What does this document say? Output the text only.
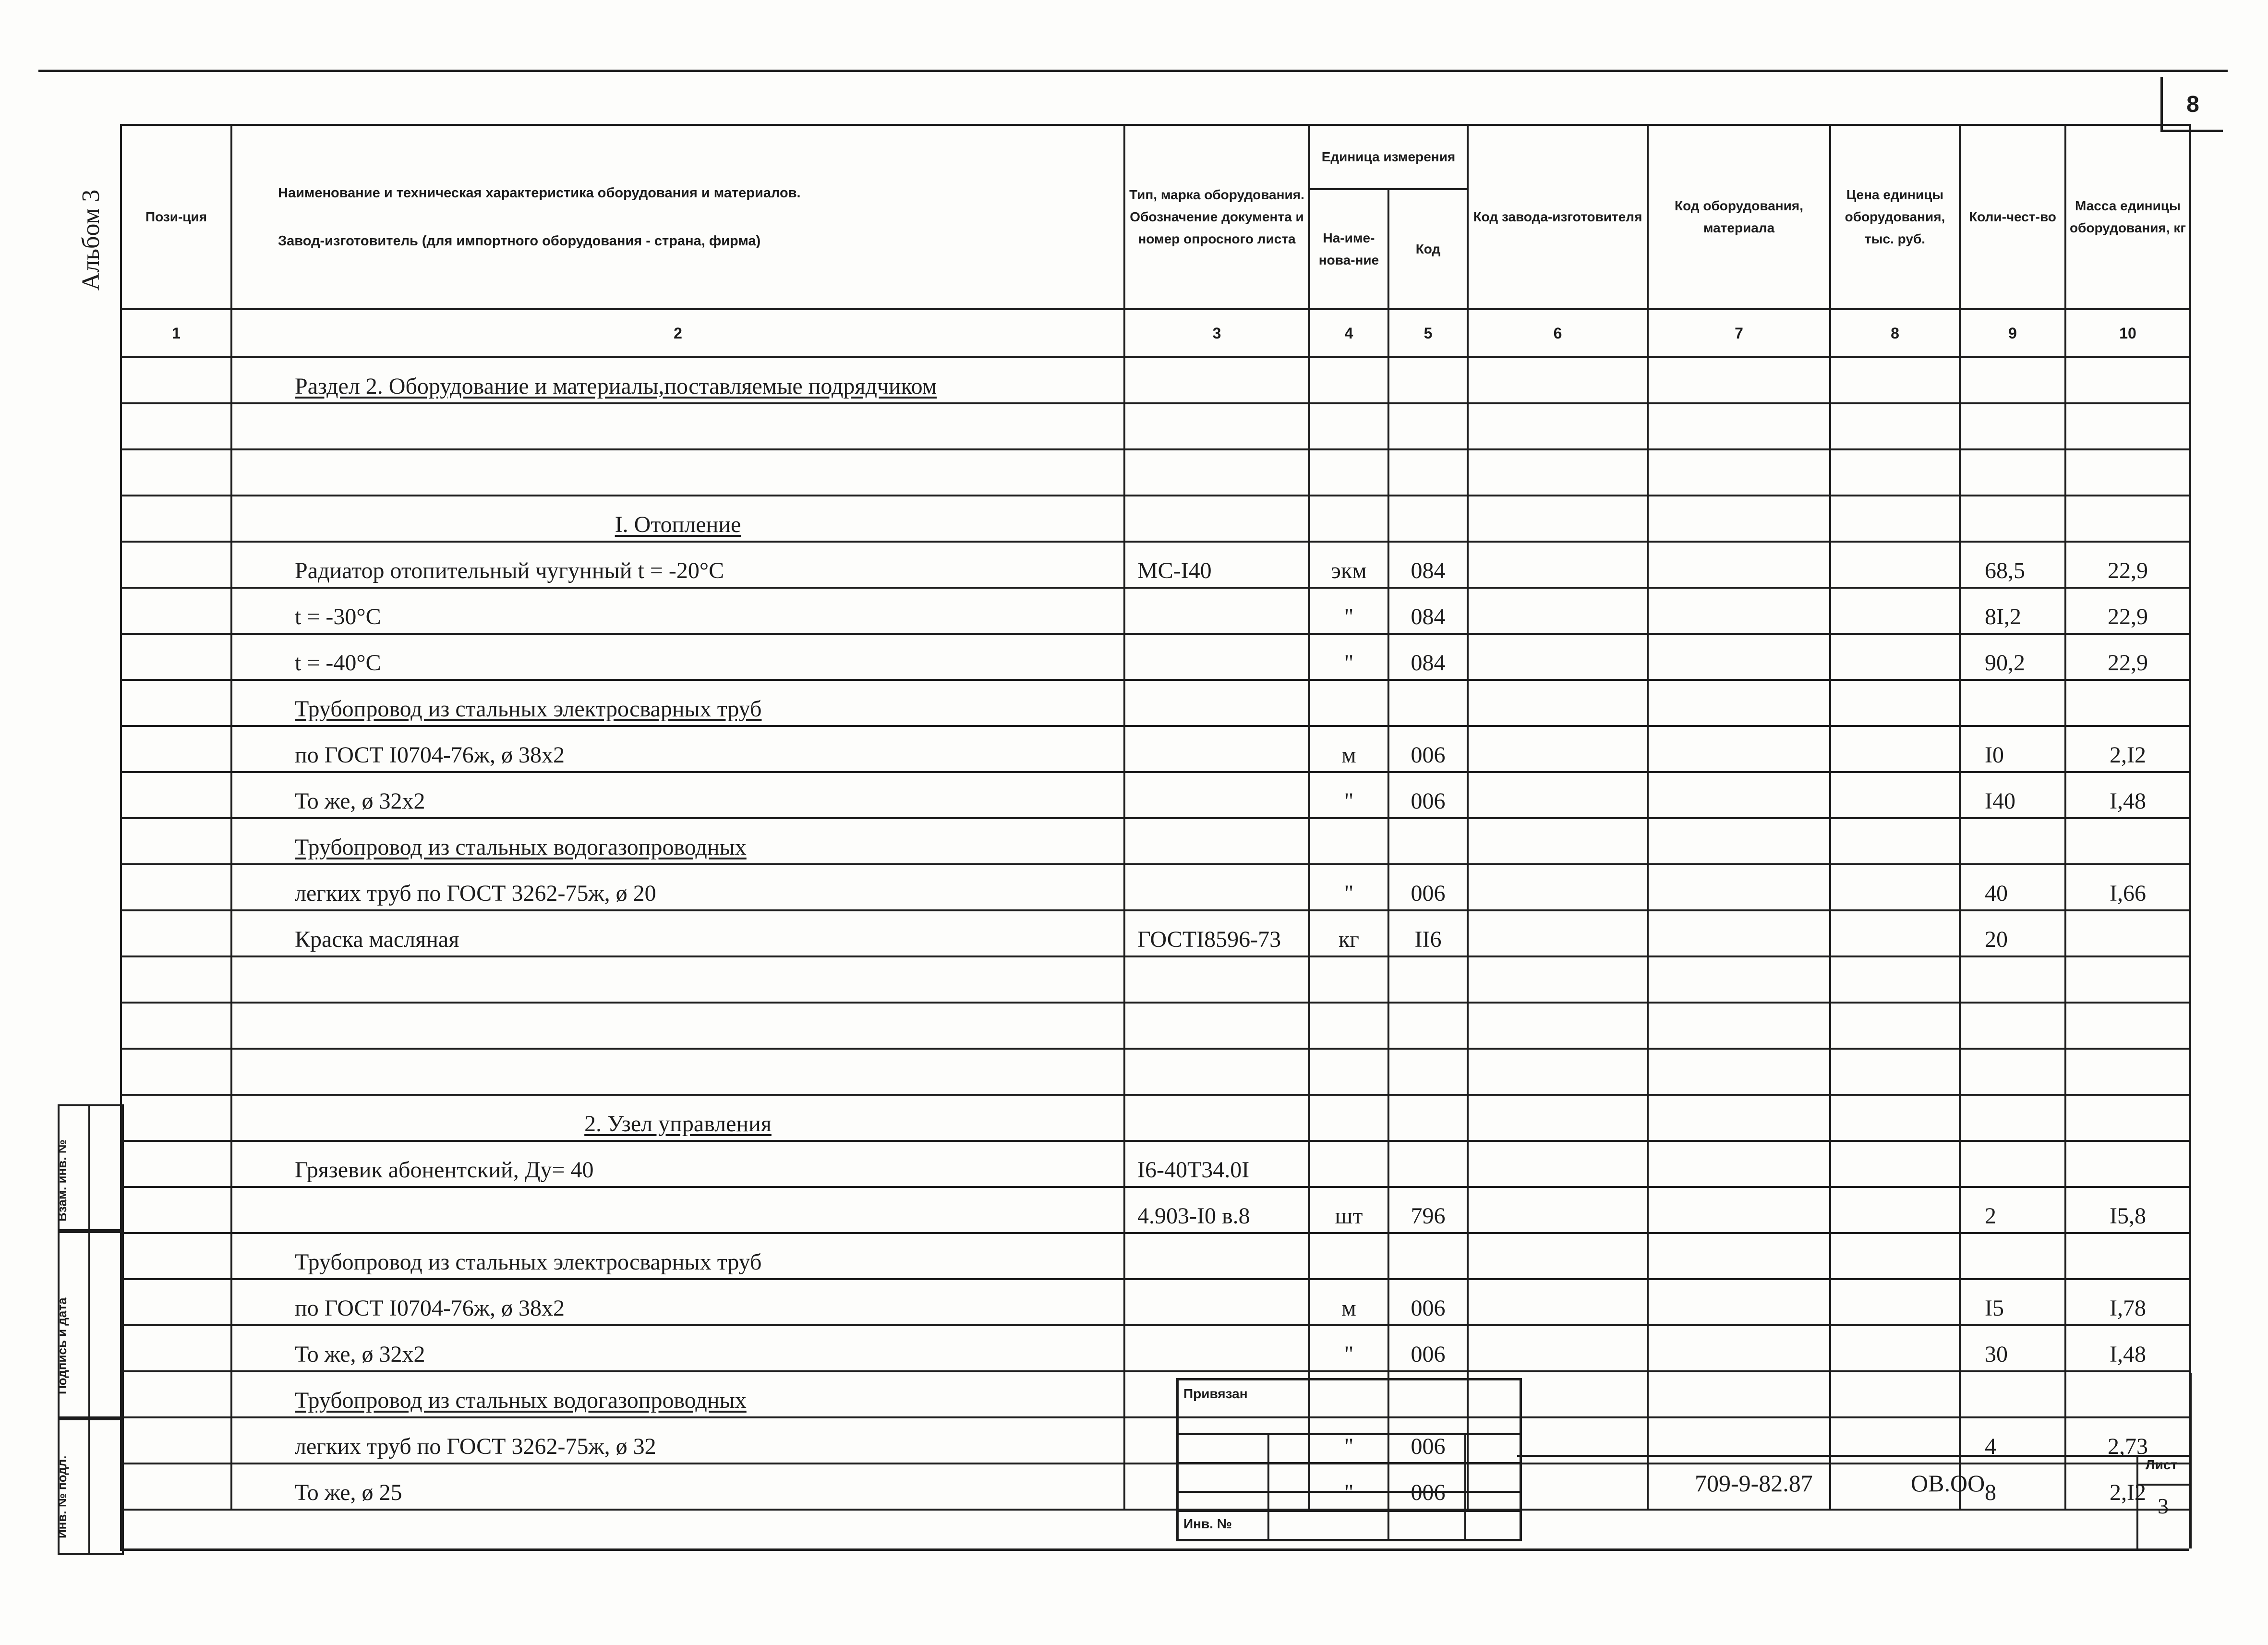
8
Альбом 3	Пози-ция	Наименование и техническая характеристика оборудования и материалов.
Завод-изготовитель (для импортного оборудования - страна, фирма)	Тип, марка оборудования. Обозначение документа и номер опросного листа	Единица измерения		Код завода-изготовителя	Код оборудования, материала	Цена единицы оборудования, тыс. руб.	Коли-чест-во	Масса единицы оборудования, кг
			На-име-нова-ние	Код					
1	2	3	4	5	6	7	8	9	10
	Раздел 2. Оборудование и материалы,поставляемые подрядчиком								

	I. Отопление								
	Радиатор отопительный чугунный t = -20°C	МС-I40	экм	084				68,5	22,9
	t = -30°C		"	084				8I,2	22,9
	t = -40°C		"	084				90,2	22,9
	Трубопровод из стальных электросварных труб								
	по ГОСТ I0704-76ж, ø 38x2		м	006				I0	2,I2
	То же, ø 32x2		"	006				I40	I,48
	Трубопровод из стальных водогазопроводных								
	легких труб по ГОСТ 3262-75ж, ø 20		"	006				40	I,66
	Краска масляная	ГОСТI8596-73	кг	II6				20	

	2. Узел управления								
	Грязевик абонентский, Ду= 40	I6-40Т34.0I							
		4.903-I0 в.8	шт	796				2	I5,8
	Трубопровод из стальных электросварных труб								
	по ГОСТ I0704-76ж, ø 38x2		м	006				I5	I,78
	То же, ø 32x2		"	006				30	I,48
	Трубопровод из стальных водогазопроводных								
	легких труб по ГОСТ 3262-75ж, ø 32		"	006				4	2,73
	То же, ø 25		"	006				8	2,I2
Взам. инв. №
Подпись и дата
Инв. № подл.
Привязан
Инв. №
709-9-82.87	ОВ.ОО
Лист
3
